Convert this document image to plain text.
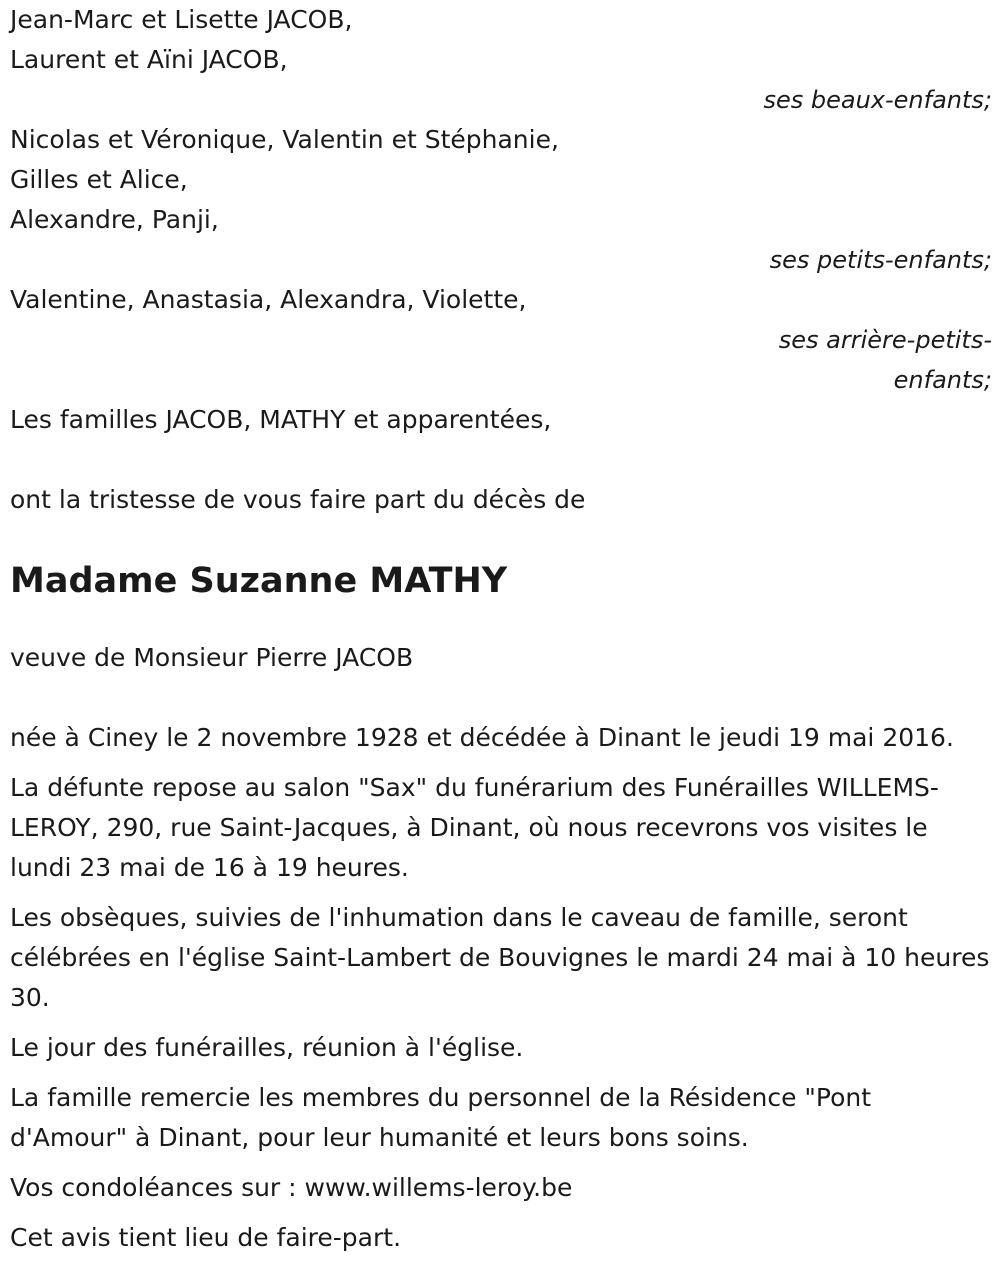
Jean-Marc et Lisette JACOB,
Laurent et Aïni JACOB,
ses beaux-enfants;
Nicolas et Véronique, Valentin et Stéphanie,
Gilles et Alice,
Alexandre, Panji,
ses petits-enfants;
Valentine, Anastasia, Alexandra, Violette,
ses arrière-petits-
enfants;
Les familles JACOB, MATHY et apparentées,
ont la tristesse de vous faire part du décès de
Madame Suzanne MATHY
veuve de Monsieur Pierre JACOB
née à Ciney le 2 novembre 1928 et décédée à Dinant le jeudi 19 mai 2016.
La défunte repose au salon "Sax" du funérarium des Funérailles WILLEMS-LEROY, 290, rue Saint-Jacques, à Dinant, où nous recevrons vos visites le lundi 23 mai de 16 à 19 heures.
Les obsèques, suivies de l'inhumation dans le caveau de famille, seront célébrées en l'église Saint-Lambert de Bouvignes le mardi 24 mai à 10 heures 30.
Le jour des funérailles, réunion à l'église.
La famille remercie les membres du personnel de la Résidence "Pont d'Amour" à Dinant, pour leur humanité et leurs bons soins.
Vos condoléances sur : www.willems-leroy.be
Cet avis tient lieu de faire-part.
